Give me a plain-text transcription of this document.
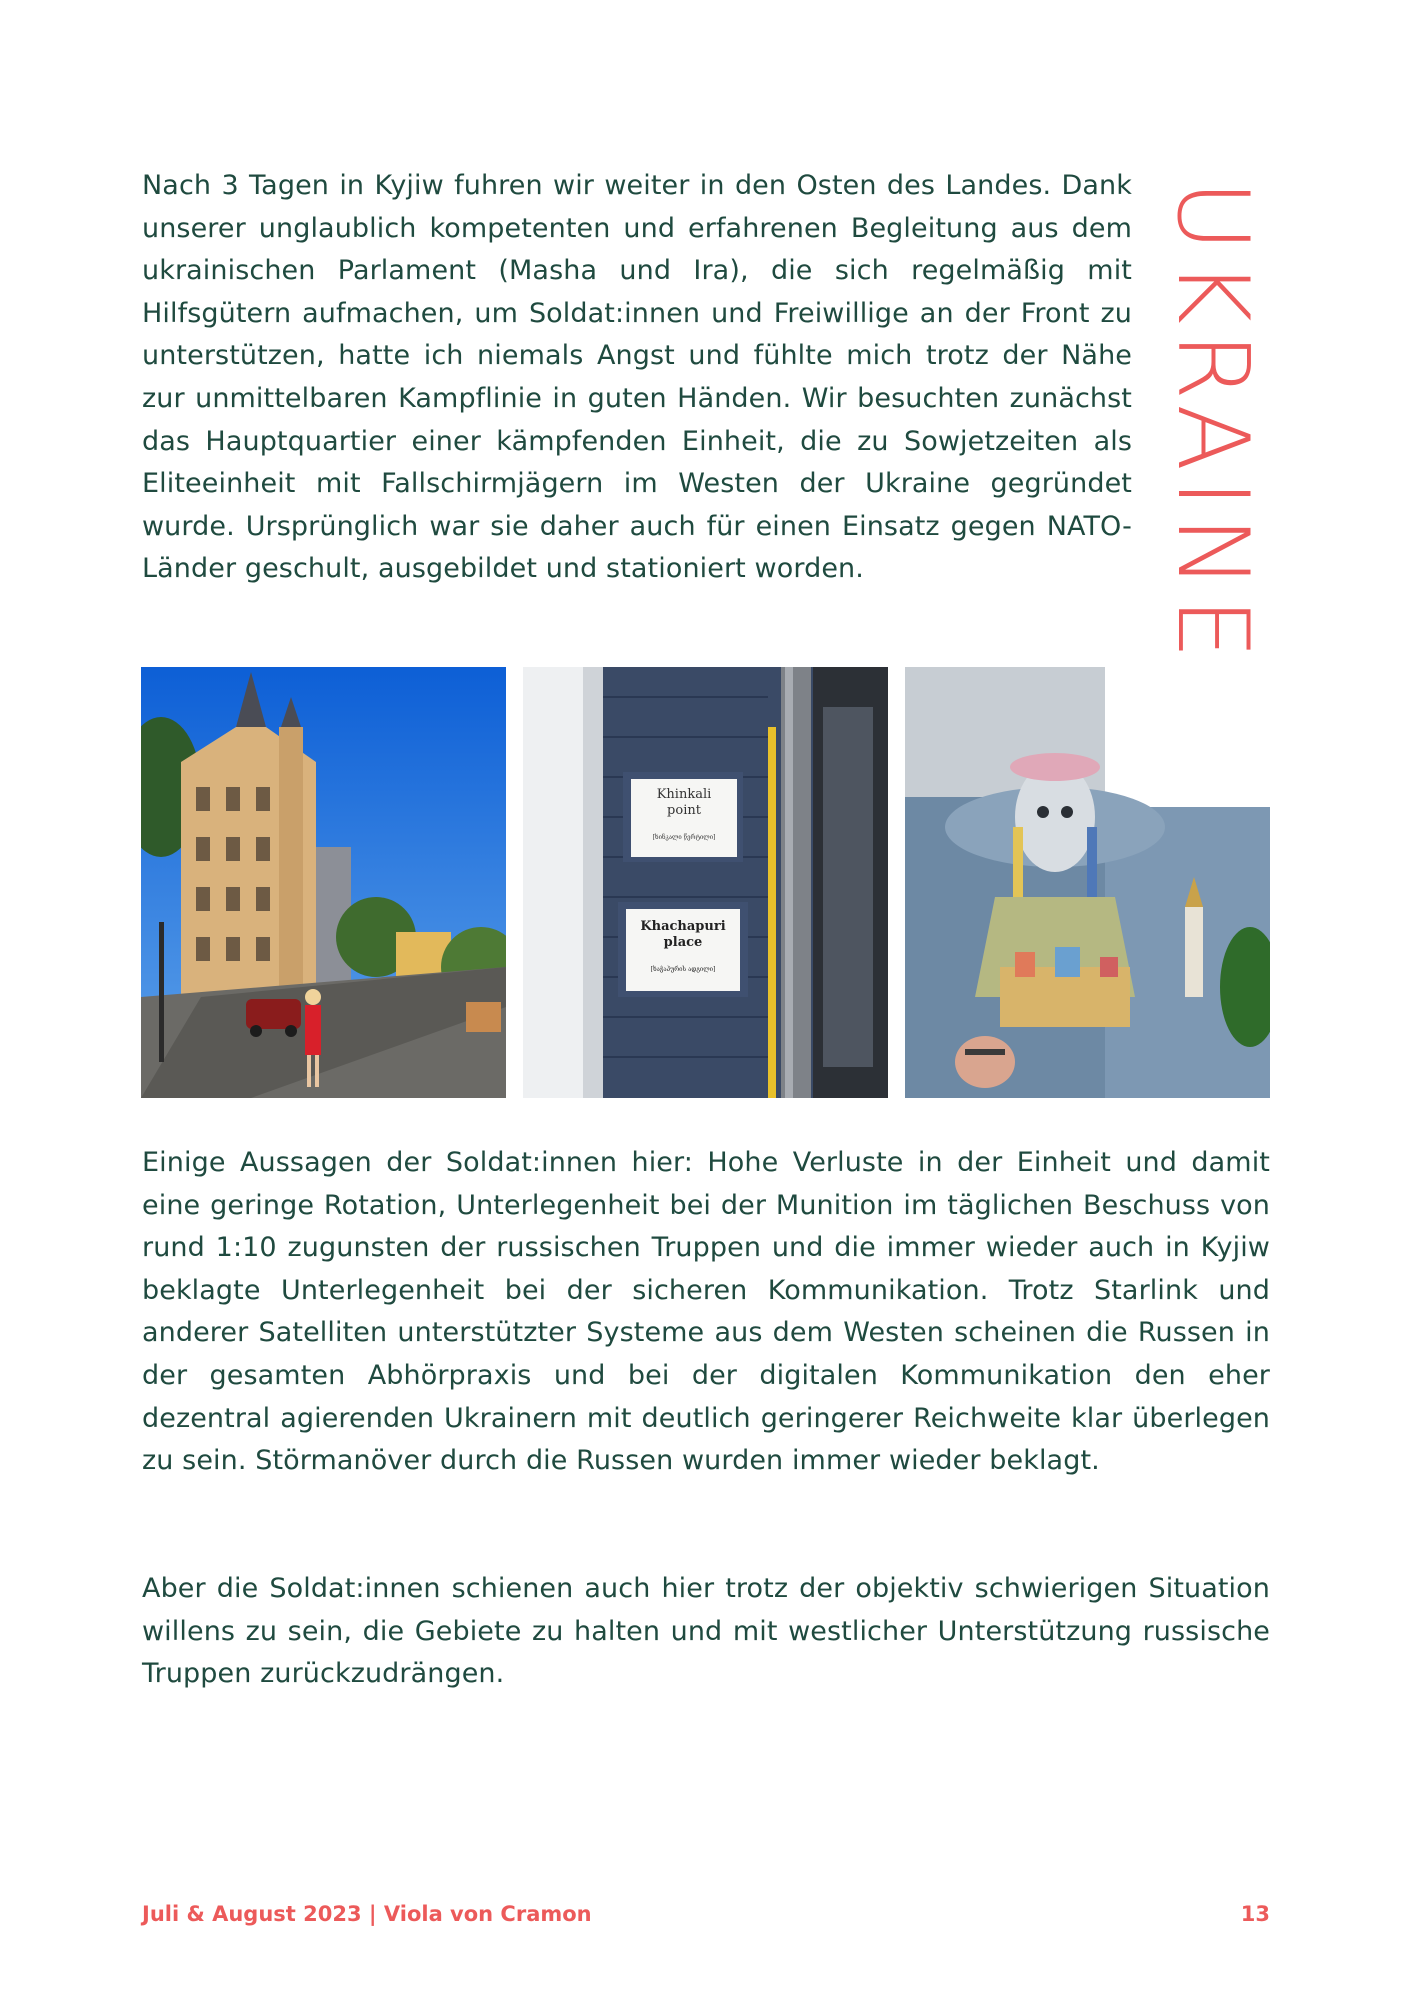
Nach 3 Tagen in Kyjiw fuhren wir weiter in den Osten des Landes. Dank unserer unglaublich kompetenten und erfahrenen Begleitung aus dem ukrainischen Parlament (Masha und Ira), die sich regelmäßig mit Hilfsgütern aufmachen, um Soldat:innen und Freiwillige an der Front zu unterstützen, hatte ich niemals Angst und fühlte mich trotz der Nähe zur unmittelbaren Kampflinie in guten Händen. Wir besuchten zunächst das Hauptquartier einer kämpfenden Einheit, die zu Sowjetzeiten als Eliteeinheit mit Fallschirmjägern im Westen der Ukraine gegründet wurde. Ursprünglich war sie daher auch für einen Einsatz gegen NATO-Länder geschult, ausgebildet und stationiert worden.	UKRAINE
Khinkali
point
[ხინკალი წერტილი]
Khachapuri
place
[ხაჭაპურის ადგილი]

Einige Aussagen der Soldat:innen hier: Hohe Verluste in der Einheit und damit eine geringe Rotation, Unterlegenheit bei der Munition im täglichen Beschuss von rund 1:10 zugunsten der russischen Truppen und die immer wieder auch in Kyjiw beklagte Unterlegenheit bei der sicheren Kommunikation. Trotz Starlink und anderer Satelliten unterstützter Systeme aus dem Westen scheinen die Russen in der gesamten Abhörpraxis und bei der digitalen Kommunikation den eher dezentral agierenden Ukrainern mit deutlich geringerer Reichweite klar überlegen zu sein. Störmanöver durch die Russen wurden immer wieder beklagt.

Aber die Soldat:innen schienen auch hier trotz der objektiv schwierigen Situation willens zu sein, die Gebiete zu halten und mit westlicher Unterstützung russische Truppen zurückzudrängen.

Juli & August 2023 | Viola von Cramon	13
